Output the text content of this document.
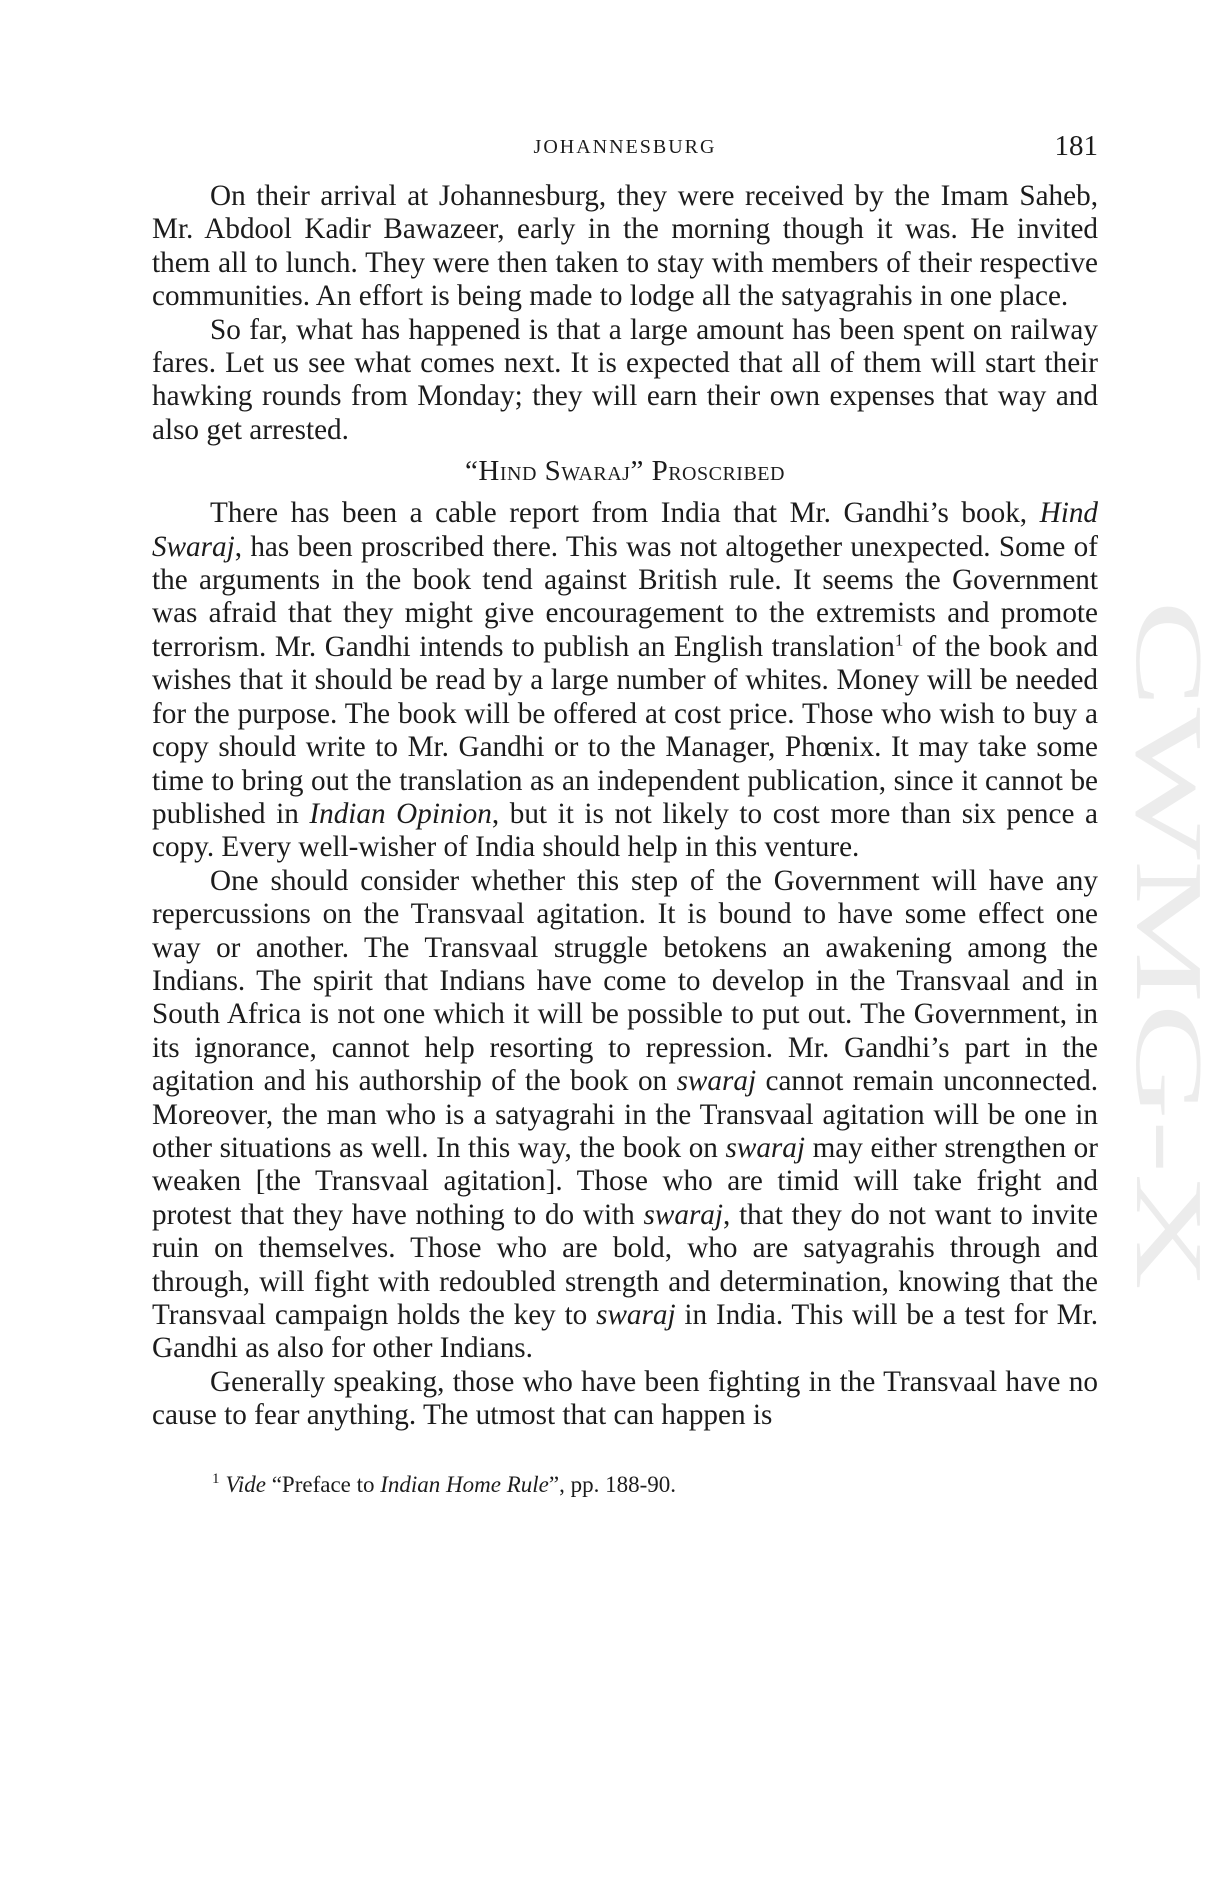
CWMG-X
JOHANNESBURG	181

On their arrival at Johannesburg, they were received by the Imam Saheb, Mr. Abdool Kadir Bawazeer, early in the morning though it was. He invited them all to lunch. They were then taken to stay with members of their respective communities. An effort is being made to lodge all the satyagrahis in one place.

So far, what has happened is that a large amount has been spent on railway fares. Let us see what comes next. It is expected that all of them will start their hawking rounds from Monday; they will earn their own expenses that way and also get arrested.

“Hind Swaraj” Proscribed

There has been a cable report from India that Mr. Gandhi’s book, Hind Swaraj, has been proscribed there. This was not altogether unexpected. Some of the arguments in the book tend against British rule. It seems the Government was afraid that they might give encouragement to the extremists and promote terrorism. Mr. Gandhi intends to publish an English translation$^1$ of the book and wishes that it should be read by a large number of whites. Money will be needed for the purpose. The book will be offered at cost price. Those who wish to buy a copy should write to Mr. Gandhi or to the Manager, Phœnix. It may take some time to bring out the translation as an independent publication, since it cannot be published in Indian Opinion, but it is not likely to cost more than six pence a copy. Every well-wisher of India should help in this venture.

One should consider whether this step of the Government will have any repercussions on the Transvaal agitation. It is bound to have some effect one way or another. The Transvaal struggle betokens an awakening among the Indians. The spirit that Indians have come to develop in the Transvaal and in South Africa is not one which it will be possible to put out. The Government, in its ignorance, cannot help resorting to repression. Mr. Gandhi’s part in the agitation and his authorship of the book on swaraj cannot remain unconnected. Moreover, the man who is a satyagrahi in the Transvaal agitation will be one in other situations as well. In this way, the book on swaraj may either strengthen or weaken [the Transvaal agitation]. Those who are timid will take fright and protest that they have nothing to do with swaraj, that they do not want to invite ruin on themselves. Those who are bold, who are satyagrahis through and through, will fight with redoubled strength and determination, knowing that the Transvaal campaign holds the key to swaraj in India. This will be a test for Mr. Gandhi as also for other Indians.

Generally speaking, those who have been fighting in the Transvaal have no cause to fear anything. The utmost that can happen is

$^1$ Vide “Preface to Indian Home Rule”, pp. 188-90.
